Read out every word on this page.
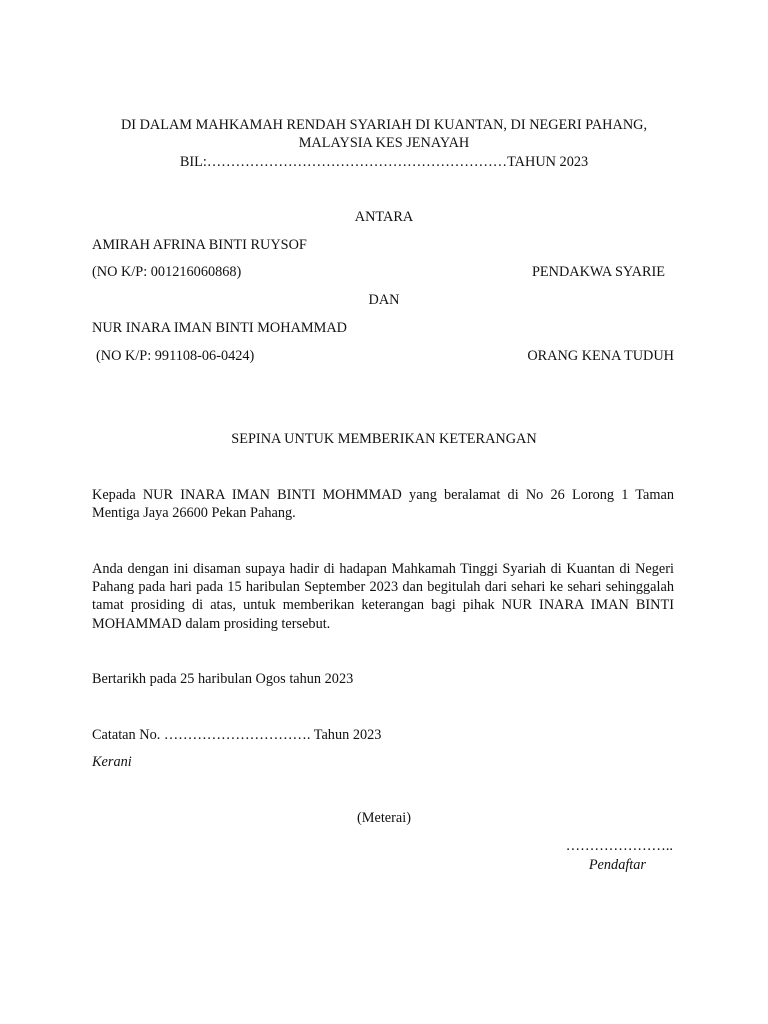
DI DALAM MAHKAMAH RENDAH SYARIAH DI KUANTAN, DI NEGERI PAHANG,
MALAYSIA KES JENAYAH
BIL:………………………………………………………TAHUN 2023
ANTARA
AMIRAH AFRINA BINTI RUYSOF
(NO K/P: 001216060868)	PENDAKWA SYARIE
DAN
NUR INARA IMAN BINTI MOHAMMAD
(NO K/P: 991108-06-0424)	ORANG KENA TUDUH
SEPINA UNTUK MEMBERIKAN KETERANGAN
Kepada NUR INARA IMAN BINTI MOHMMAD yang beralamat di No 26 Lorong 1 Taman Mentiga Jaya 26600 Pekan Pahang.
Anda dengan ini disaman supaya hadir di hadapan Mahkamah Tinggi Syariah di Kuantan di Negeri Pahang pada hari pada 15 haribulan September 2023 dan begitulah dari sehari ke sehari sehinggalah tamat prosiding di atas, untuk memberikan keterangan bagi pihak NUR INARA IMAN BINTI MOHAMMAD dalam prosiding tersebut.
Bertarikh pada 25 haribulan Ogos tahun 2023
Catatan No. …………………………. Tahun 2023
Kerani
(Meterai)
…………………..
Pendaftar
